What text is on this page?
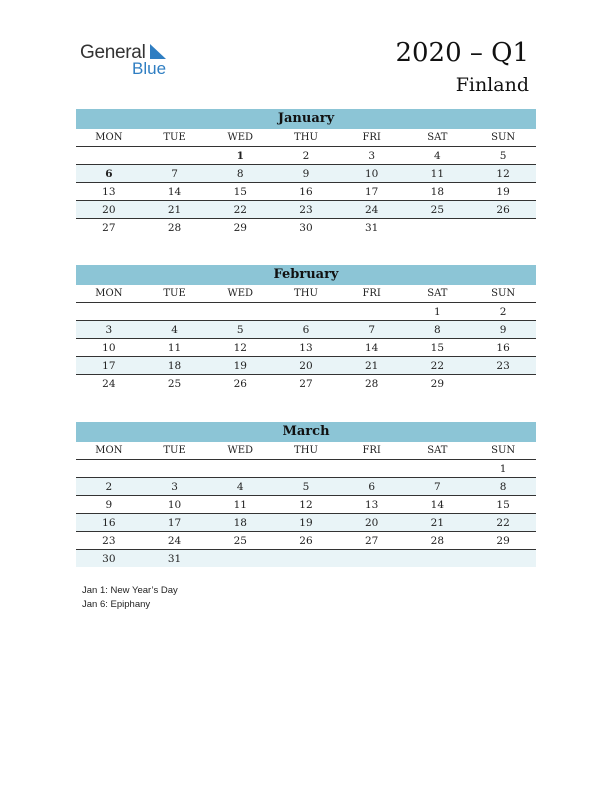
General
Blue
2020 – Q1
Finland
January
MON	TUE	WED	THU	FRI	SAT	SUN
		1	2	3	4	5
6	7	8	9	10	11	12
13	14	15	16	17	18	19
20	21	22	23	24	25	26
27	28	29	30	31		
February
MON	TUE	WED	THU	FRI	SAT	SUN
					1	2
3	4	5	6	7	8	9
10	11	12	13	14	15	16
17	18	19	20	21	22	23
24	25	26	27	28	29	
March
MON	TUE	WED	THU	FRI	SAT	SUN
						1
2	3	4	5	6	7	8
9	10	11	12	13	14	15
16	17	18	19	20	21	22
23	24	25	26	27	28	29
30	31					
Jan 1: New Year’s Day
Jan 6: Epiphany
